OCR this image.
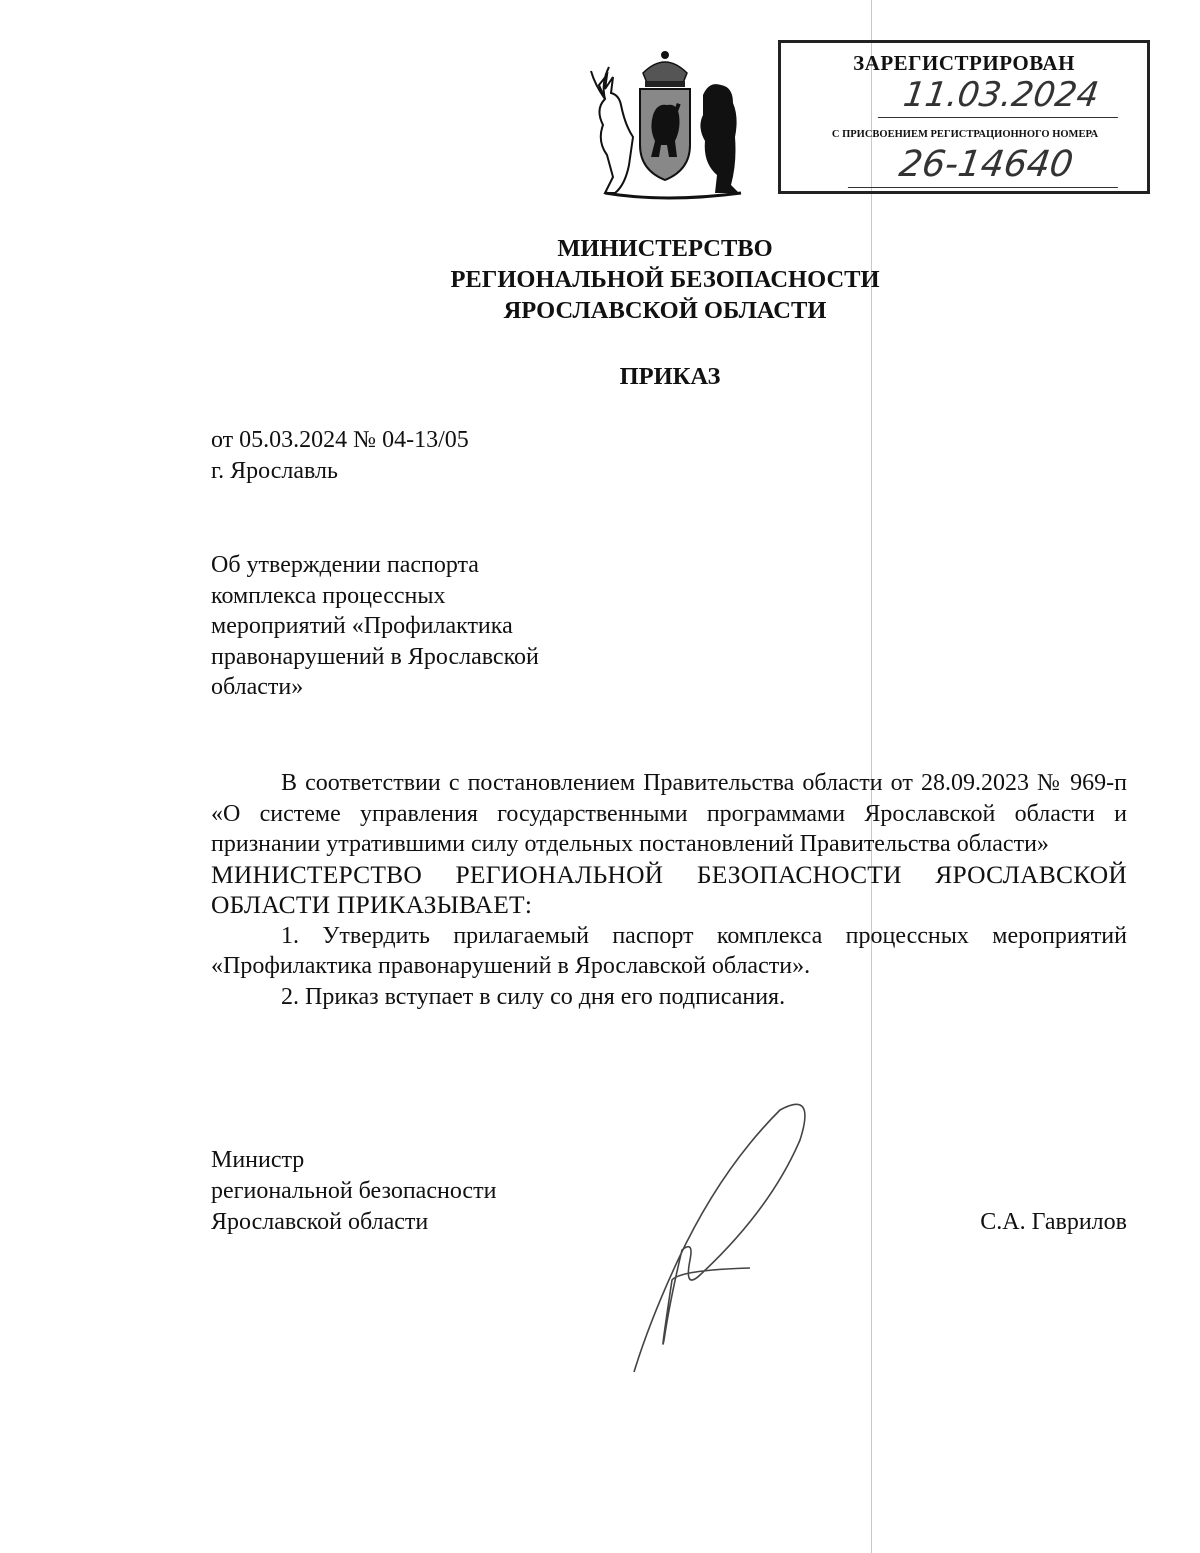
ЗАРЕГИСТРИРОВАН
11.03.2024
С ПРИСВОЕНИЕМ РЕГИСТРАЦИОННОГО НОМЕРА
26-14640
МИНИСТЕРСТВО
РЕГИОНАЛЬНОЙ БЕЗОПАСНОСТИ
ЯРОСЛАВСКОЙ ОБЛАСТИ
ПРИКАЗ
от 05.03.2024 № 04-13/05
г. Ярославль
Об утверждении паспорта
комплекса процессных
мероприятий «Профилактика
правонарушений в Ярославской
области»

В соответствии с постановлением Правительства области от 28.09.2023 № 969-п «О системе управления государственными программами Ярославской области и признании утратившими силу отдельных постановлений Правительства области»

МИНИСТЕРСТВО РЕГИОНАЛЬНОЙ БЕЗОПАСНОСТИ ЯРОСЛАВСКОЙ ОБЛАСТИ ПРИКАЗЫВАЕТ:

1. Утвердить прилагаемый паспорт комплекса процессных мероприятий «Профилактика правонарушений в Ярославской области».

2. Приказ вступает в силу со дня его подписания.

Министр
региональной безопасности
Ярославской области	С.А. Гаврилов
